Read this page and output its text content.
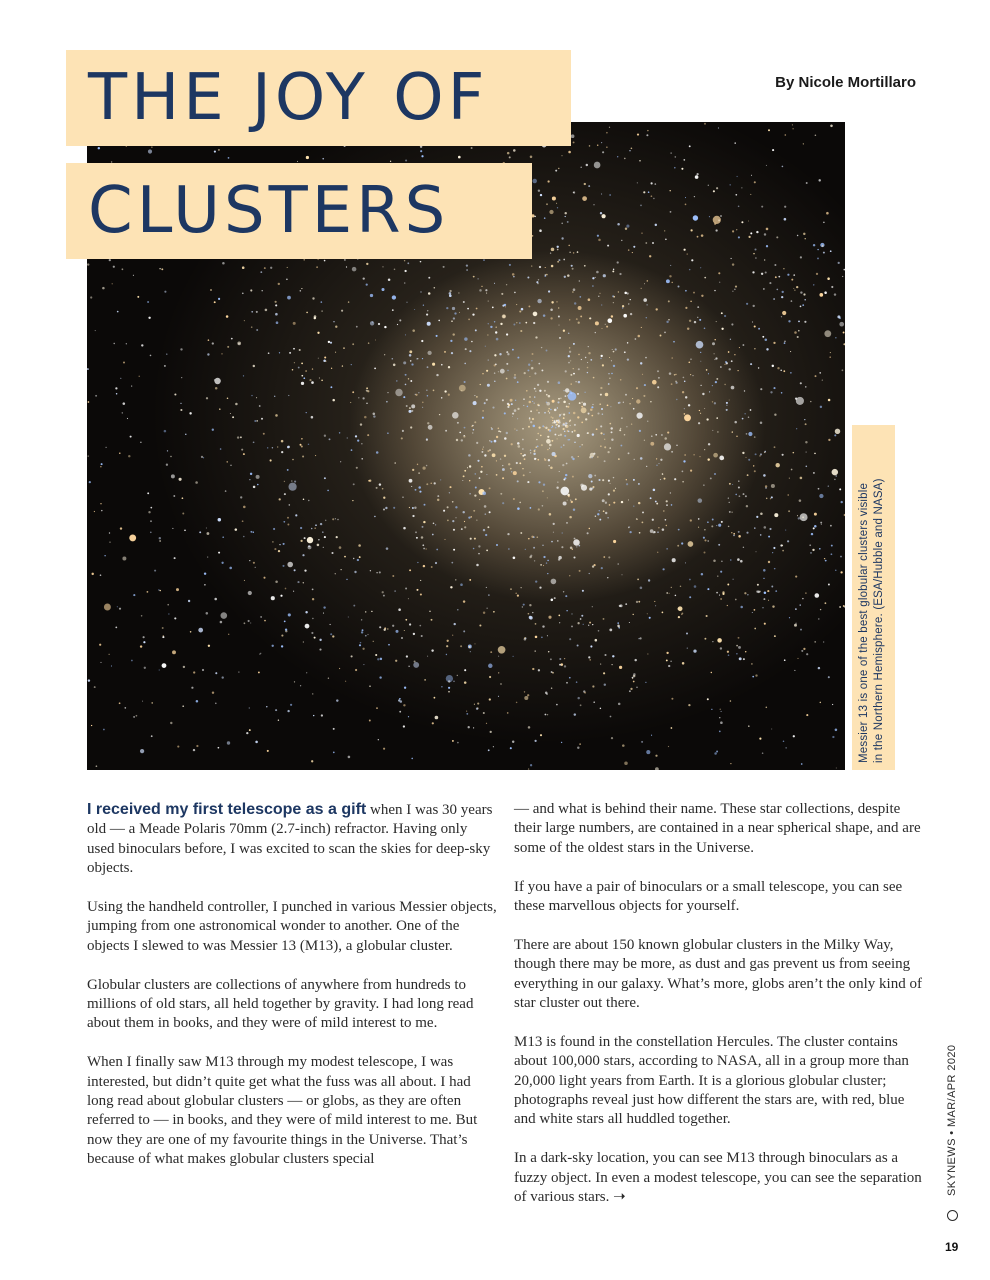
THE JOY OF
CLUSTERS
By Nicole Mortillaro
Messier 13 is one of the best globular clusters visible in the Northern Hemisphere. (ESA/Hubble and NASA)

I received my first telescope as a gift when I was 30 years old — a Meade Polaris 70mm (2.7-inch) refractor. Having only used binoculars before, I was excited to scan the skies for deep-sky objects.

Using the handheld controller, I punched in various Messier objects, jumping from one astronomical wonder to another. One of the objects I slewed to was Messier 13 (M13), a globular cluster.

Globular clusters are collections of anywhere from hundreds to millions of old stars, all held together by gravity. I had long read about them in books, and they were of mild interest to me.

When I finally saw M13 through my modest telescope, I was interested, but didn’t quite get what the fuss was all about. I had long read about globular clusters — or globs, as they are often referred to — in books, and they were of mild interest to me. But now they are one of my favourite things in the Universe. That’s because of what makes globular clusters special

— and what is behind their name. These star collections, despite their large numbers, are contained in a near spherical shape, and are some of the oldest stars in the Universe.

If you have a pair of binoculars or a small telescope, you can see these marvellous objects for yourself.

There are about 150 known globular clusters in the Milky Way, though there may be more, as dust and gas prevent us from seeing everything in our galaxy. What’s more, globs aren’t the only kind of star cluster out there.

M13 is found in the constellation Hercules. The cluster contains about 100,000 stars, according to NASA, all in a group more than 20,000 light years from Earth. It is a glorious globular cluster; photographs reveal just how different the stars are, with red, blue and white stars all huddled together.

In a dark-sky location, you can see M13 through binoculars as a fuzzy object. In even a modest telescope, you can see the separation of various stars. ➝

SKYNEWS • MAR/APR 2020
19
